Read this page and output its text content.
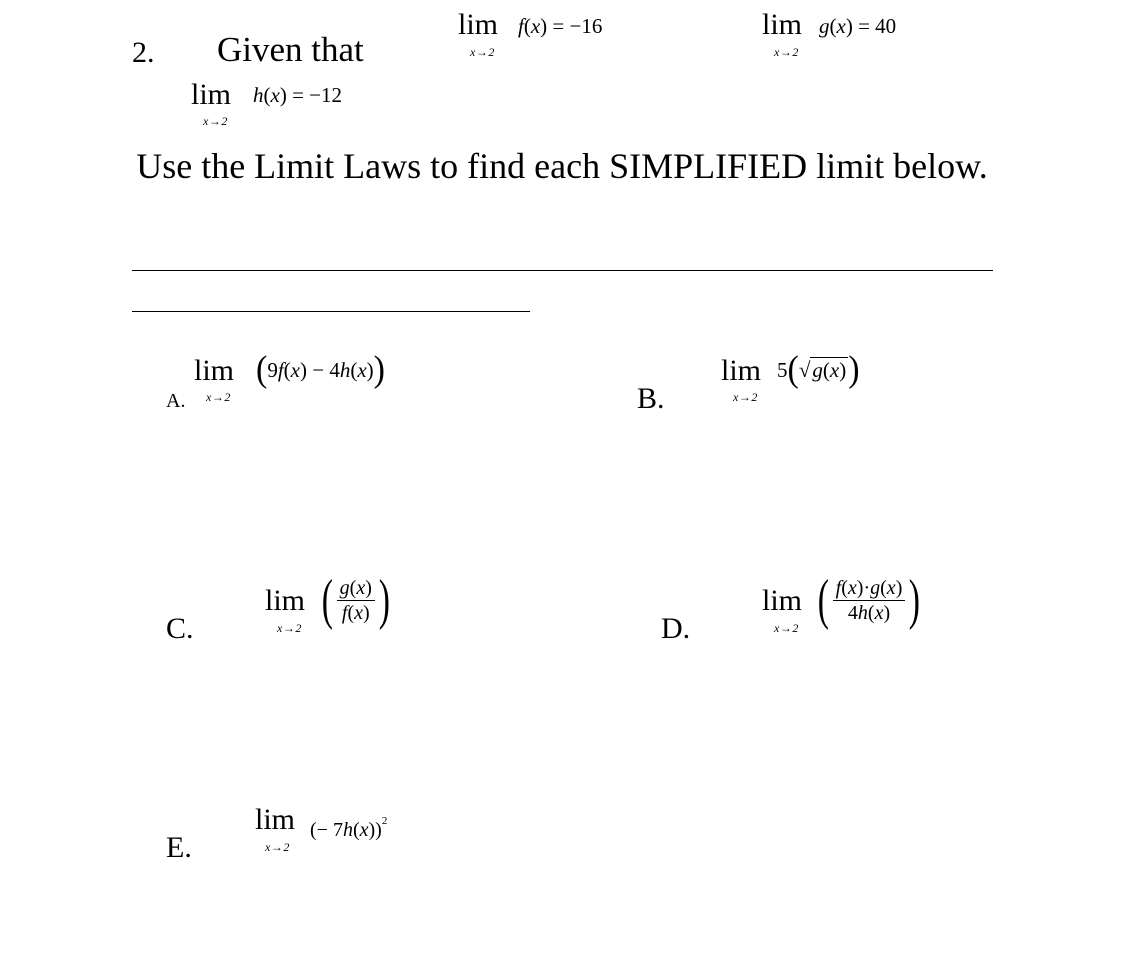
2. Given that
lim
x→2
f(x) = −16	lim
x→2
g(x) = 40
lim
x→2
h(x) = −12
Use the Limit Laws to find each SIMPLIFIED limit below.
A.
lim
x→2
(9f(x) − 4h(x))
B.
lim
x→2
5(√g(x))
C.
lim
x→2 ( $\frac{g(x)}{f(x)}$ )	D.
lim
x→2 ( $\frac{f(x)\cdot g(x)}{4h(x)}$ )
E.
lim
x→2
(− 7h(x))$^2$
